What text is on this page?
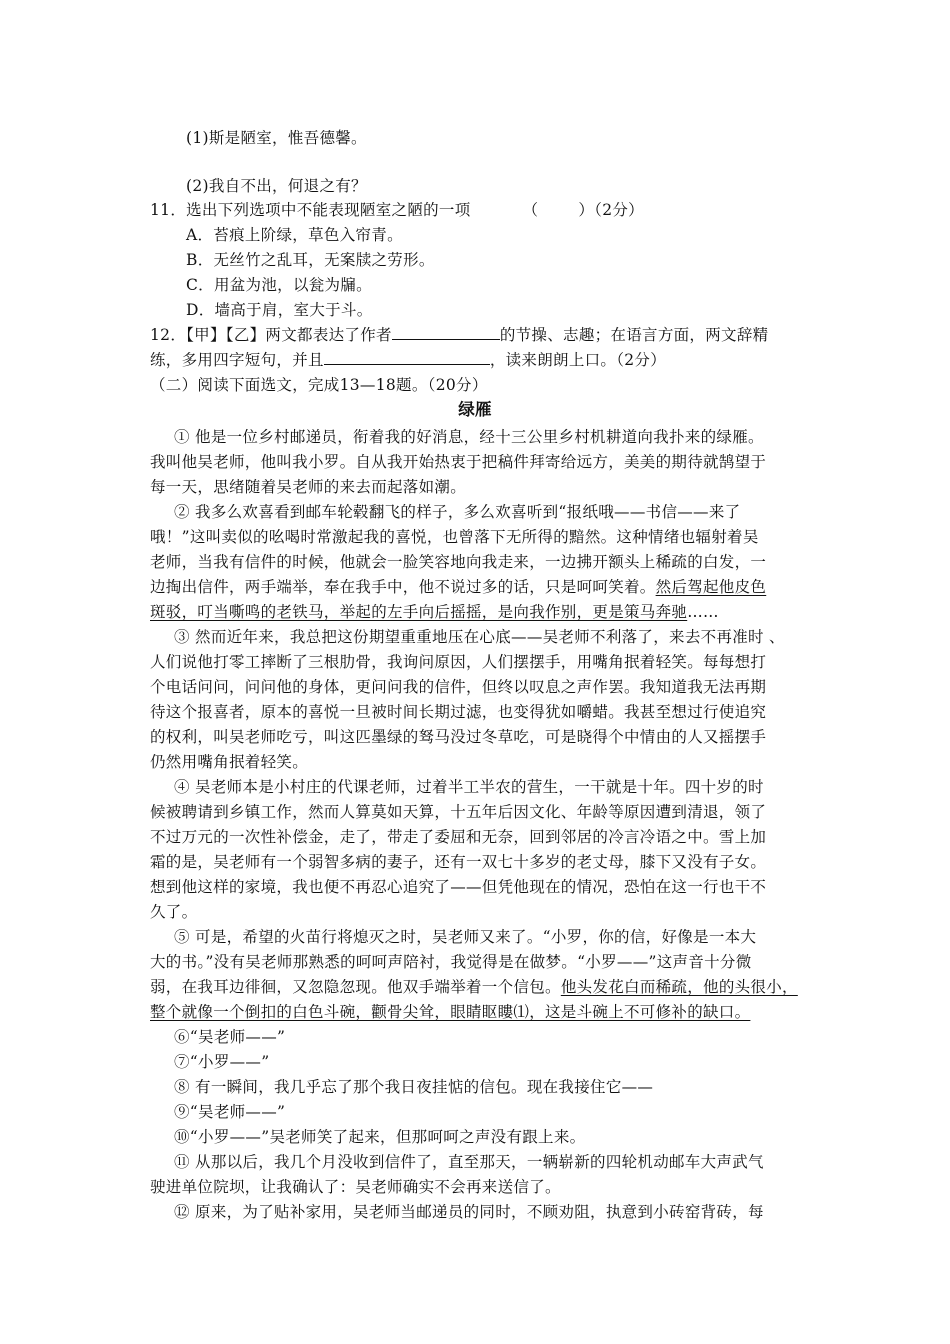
(1)斯是陋室，惟吾德馨。
(2)我自不出，何退之有？
11．选出下列选项中不能表现陋室之陋的一项	（	）（2分）
A．苔痕上阶绿，草色入帘青。
B．无丝竹之乱耳，无案牍之劳形。
C．用盆为池，以瓮为牖。
D．墙高于肩，室大于斗。
12．【甲】【乙】两文都表达了作者	的节操、志趣；在语言方面，两文辞精
练，多用四字短句，并且	，读来朗朗上口。（2分）
（二）阅读下面选文，完成13—18题。（20分）
绿雁
① 他是一位乡村邮递员，衔着我的好消息，经十三公里乡村机耕道向我扑来的绿雁。
我叫他吴老师，他叫我小罗。自从我开始热衷于把稿件拜寄给远方，美美的期待就鹄望于
每一天，思绪随着吴老师的来去而起落如潮。
② 我多么欢喜看到邮车轮毂翻飞的样子，多么欢喜听到“报纸哦——书信——来了
哦！”这叫卖似的吆喝时常激起我的喜悦，也曾落下无所得的黯然。这种情绪也辐射着吴
老师，当我有信件的时候，他就会一脸笑容地向我走来，一边拂开额头上稀疏的白发，一
边掏出信件，两手端举，奉在我手中，他不说过多的话，只是呵呵笑着。然后驾起他皮色
斑驳，叮当嘶鸣的老铁马，举起的左手向后摇摇，是向我作别，更是策马奔驰……
③ 然而近年来，我总把这份期望重重地压在心底——吴老师不利落了，来去不再准时 、
人们说他打零工摔断了三根肋骨，我询问原因，人们摆摆手，用嘴角抿着轻笑。每每想打
个电话问问，问问他的身体，更问问我的信件，但终以叹息之声作罢。我知道我无法再期
待这个报喜者，原本的喜悦一旦被时间长期过滤，也变得犹如嚼蜡。我甚至想过行使追究
的权利，叫吴老师吃亏，叫这匹墨绿的驽马没过冬草吃，可是晓得个中情由的人又摇摆手
仍然用嘴角抿着轻笑。
④ 吴老师本是小村庄的代课老师，过着半工半农的营生，一干就是十年。四十岁的时
候被聘请到乡镇工作，然而人算莫如天算，十五年后因文化、年龄等原因遭到清退，领了
不过万元的一次性补偿金，走了，带走了委屈和无奈，回到邻居的冷言冷语之中。雪上加
霜的是，吴老师有一个弱智多病的妻子，还有一双七十多岁的老丈母，膝下又没有子女。
想到他这样的家境，我也便不再忍心追究了——但凭他现在的情况，恐怕在这一行也干不
久了。
⑤ 可是，希望的火苗行将熄灭之时，吴老师又来了。“小罗，你的信，好像是一本大
大的书。”没有吴老师那熟悉的呵呵声陪衬，我觉得是在做梦。“小罗——”这声音十分微
弱，在我耳边徘徊，又忽隐忽现。他双手端举着一个信包。他头发花白而稀疏，他的头很小，
整个就像一个倒扣的白色斗碗，颧骨尖耸，眼睛眍瞜⑴，这是斗碗上不可修补的缺口。
⑥“吴老师——”
⑦“小罗——”
⑧ 有一瞬间，我几乎忘了那个我日夜挂惦的信包。现在我接住它——
⑨“吴老师——”
⑩“小罗——”吴老师笑了起来，但那呵呵之声没有跟上来。
⑪ 从那以后，我几个月没收到信件了，直至那天，一辆崭新的四轮机动邮车大声武气
驶进单位院坝，让我确认了：吴老师确实不会再来送信了。
⑫ 原来，为了贴补家用，吴老师当邮递员的同时，不顾劝阻，执意到小砖窑背砖，每
